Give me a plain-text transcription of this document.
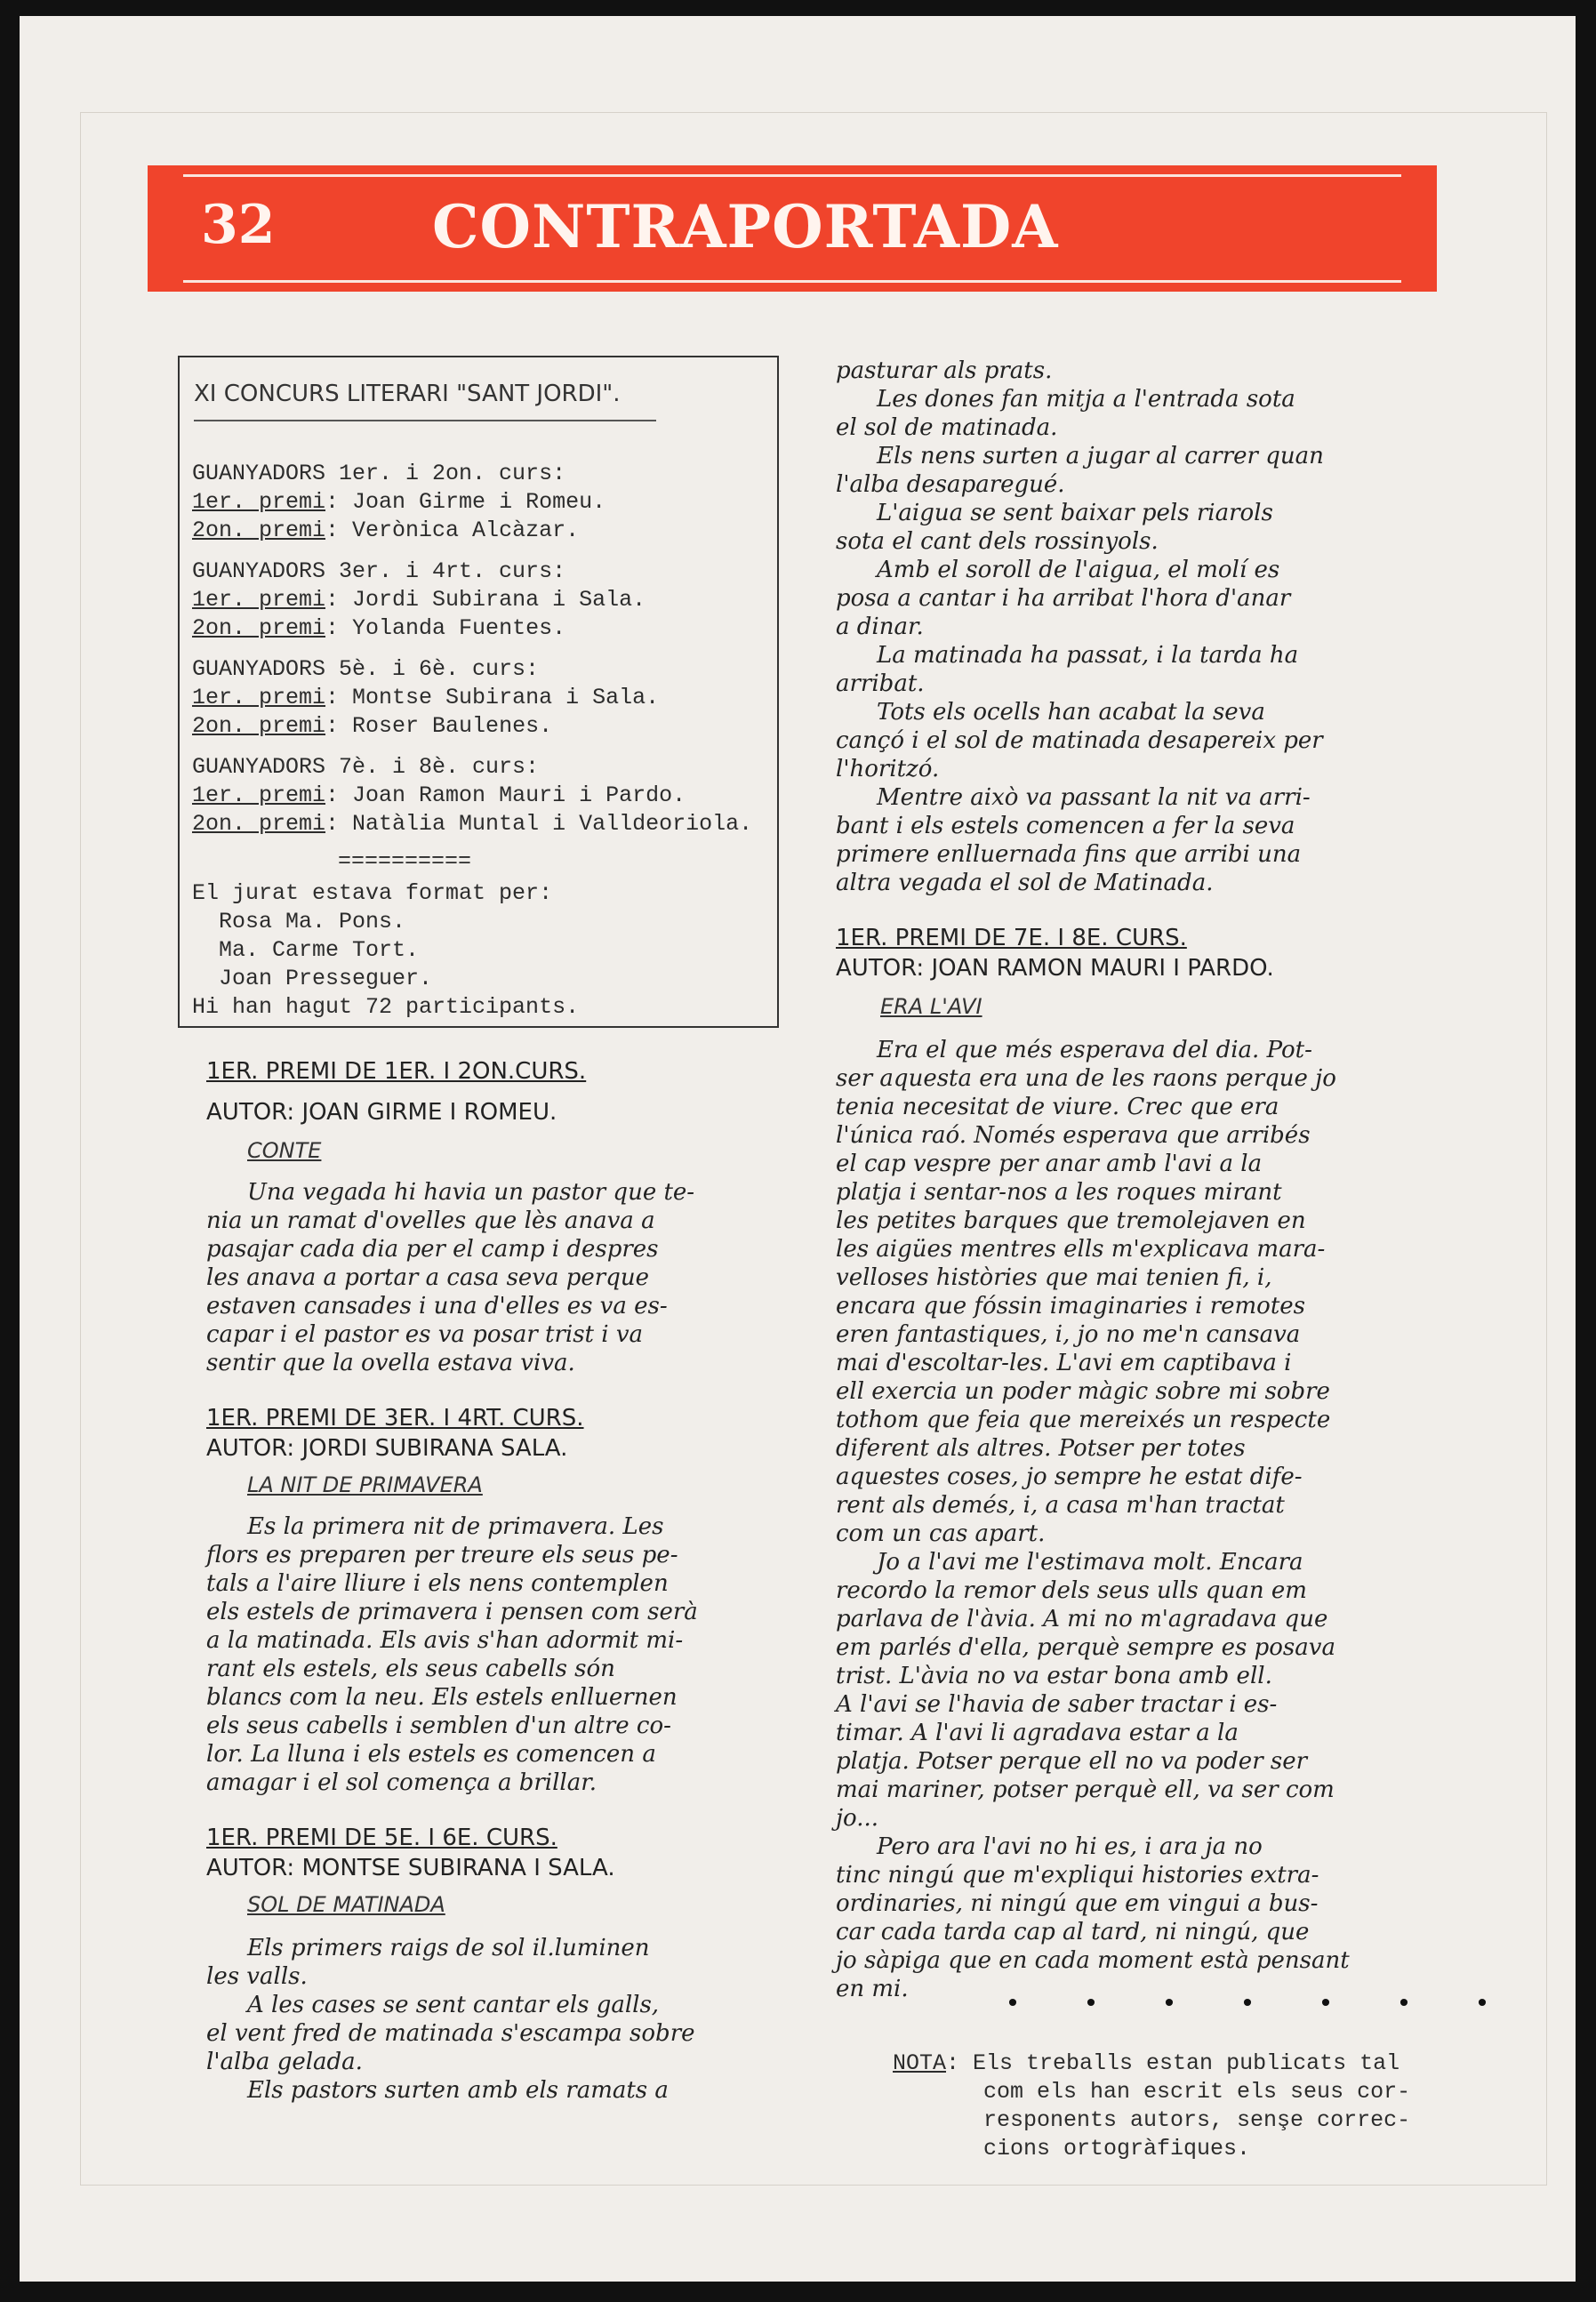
32	CONTRAPORTADA
XI CONCURS LITERARI "SANT JORDI".
GUANYADORS 1er. i 2on. curs:
1er. premi: Joan Girme i Romeu.
2on. premi: Verònica Alcàzar.
GUANYADORS 3er. i 4rt. curs:
1er. premi: Jordi Subirana i Sala.
2on. premi: Yolanda Fuentes.
GUANYADORS 5è. i 6è. curs:
1er. premi: Montse Subirana i Sala.
2on. premi: Roser Baulenes.
GUANYADORS 7è. i 8è. curs:
1er. premi: Joan Ramon Mauri i Pardo.
2on. premi: Natàlia Muntal i Valldeoriola.
==========
El jurat estava format per:
Rosa Ma. Pons.
Ma. Carme Tort.
Joan Presseguer.
Hi han hagut 72 participants.
1ER. PREMI DE 1ER. I 2ON.CURS.
AUTOR: JOAN GIRME I ROMEU.
CONTE
Una vegada hi havia un pastor que te-
nia un ramat d'ovelles que lès anava a
pasajar cada dia per el camp i despres
les anava a portar a casa seva perque
estaven cansades i una d'elles es va es-
capar i el pastor es va posar trist i va
sentir que la ovella estava viva.
1ER. PREMI DE 3ER. I 4RT. CURS.
AUTOR: JORDI SUBIRANA SALA.
LA NIT DE PRIMAVERA
Es la primera nit de primavera. Les
flors es preparen per treure els seus pe-
tals a l'aire lliure i els nens contemplen
els estels de primavera i pensen com serà
a la matinada. Els avis s'han adormit mi-
rant els estels, els seus cabells són
blancs com la neu. Els estels enlluernen
els seus cabells i semblen d'un altre co-
lor. La lluna i els estels es comencen a
amagar i el sol comença a brillar.
1ER. PREMI DE 5E. I 6E. CURS.
AUTOR: MONTSE SUBIRANA I SALA.
SOL DE MATINADA
Els primers raigs de sol il.luminen
les valls.
A les cases se sent cantar els galls,
el vent fred de matinada s'escampa sobre
l'alba gelada.
Els pastors surten amb els ramats a
pasturar als prats.
Les dones fan mitja a l'entrada sota
el sol de matinada.
Els nens surten a jugar al carrer quan
l'alba desaparegué.
L'aigua se sent baixar pels riarols
sota el cant dels rossinyols.
Amb el soroll de l'aigua, el molí es
posa a cantar i ha arribat l'hora d'anar
a dinar.
La matinada ha passat, i la tarda ha
arribat.
Tots els ocells han acabat la seva
cançó i el sol de matinada desapereix per
l'horitzó.
Mentre això va passant la nit va arri-
bant i els estels comencen a fer la seva
primere enlluernada fins que arribi una
altra vegada el sol de Matinada.
1ER. PREMI DE 7E. I 8E. CURS.
AUTOR: JOAN RAMON MAURI I PARDO.
ERA L'AVI
Era el que més esperava del dia. Pot-
ser aquesta era una de les raons perque jo
tenia necesitat de viure. Crec que era
l'única raó. Només esperava que arribés
el cap vespre per anar amb l'avi a la
platja i sentar-nos a les roques mirant
les petites barques que tremolejaven en
les aigües mentres ells m'explicava mara-
velloses històries que mai tenien fi, i,
encara que fóssin imaginaries i remotes
eren fantastiques, i, jo no me'n cansava
mai d'escoltar-les. L'avi em captibava i
ell exercia un poder màgic sobre mi sobre
tothom que feia que mereixés un respecte
diferent als altres. Potser per totes
aquestes coses, jo sempre he estat dife-
rent als demés, i, a casa m'han tractat
com un cas apart.
Jo a l'avi me l'estimava molt. Encara
recordo la remor dels seus ulls quan em
parlava de l'àvia. A mi no m'agradava que
em parlés d'ella, perquè sempre es posava
trist. L'àvia no va estar bona amb ell.
A l'avi se l'havia de saber tractar i es-
timar. A l'avi li agradava estar a la
platja. Potser perque ell no va poder ser
mai mariner, potser perquè ell, va ser com
jo...
Pero ara l'avi no hi es, i ara ja no
tinc ningú que m'expliqui histories extra-
ordinaries, ni ningú que em vingui a bus-
car cada tarda cap al tard, ni ningú, que
jo sàpiga que en cada moment està pensant
en mi.
• • • • • • •
NOTA: Els treballs estan publicats tal
com els han escrit els seus cor-
responents autors, senşe correc-
cions ortogràfiques.
